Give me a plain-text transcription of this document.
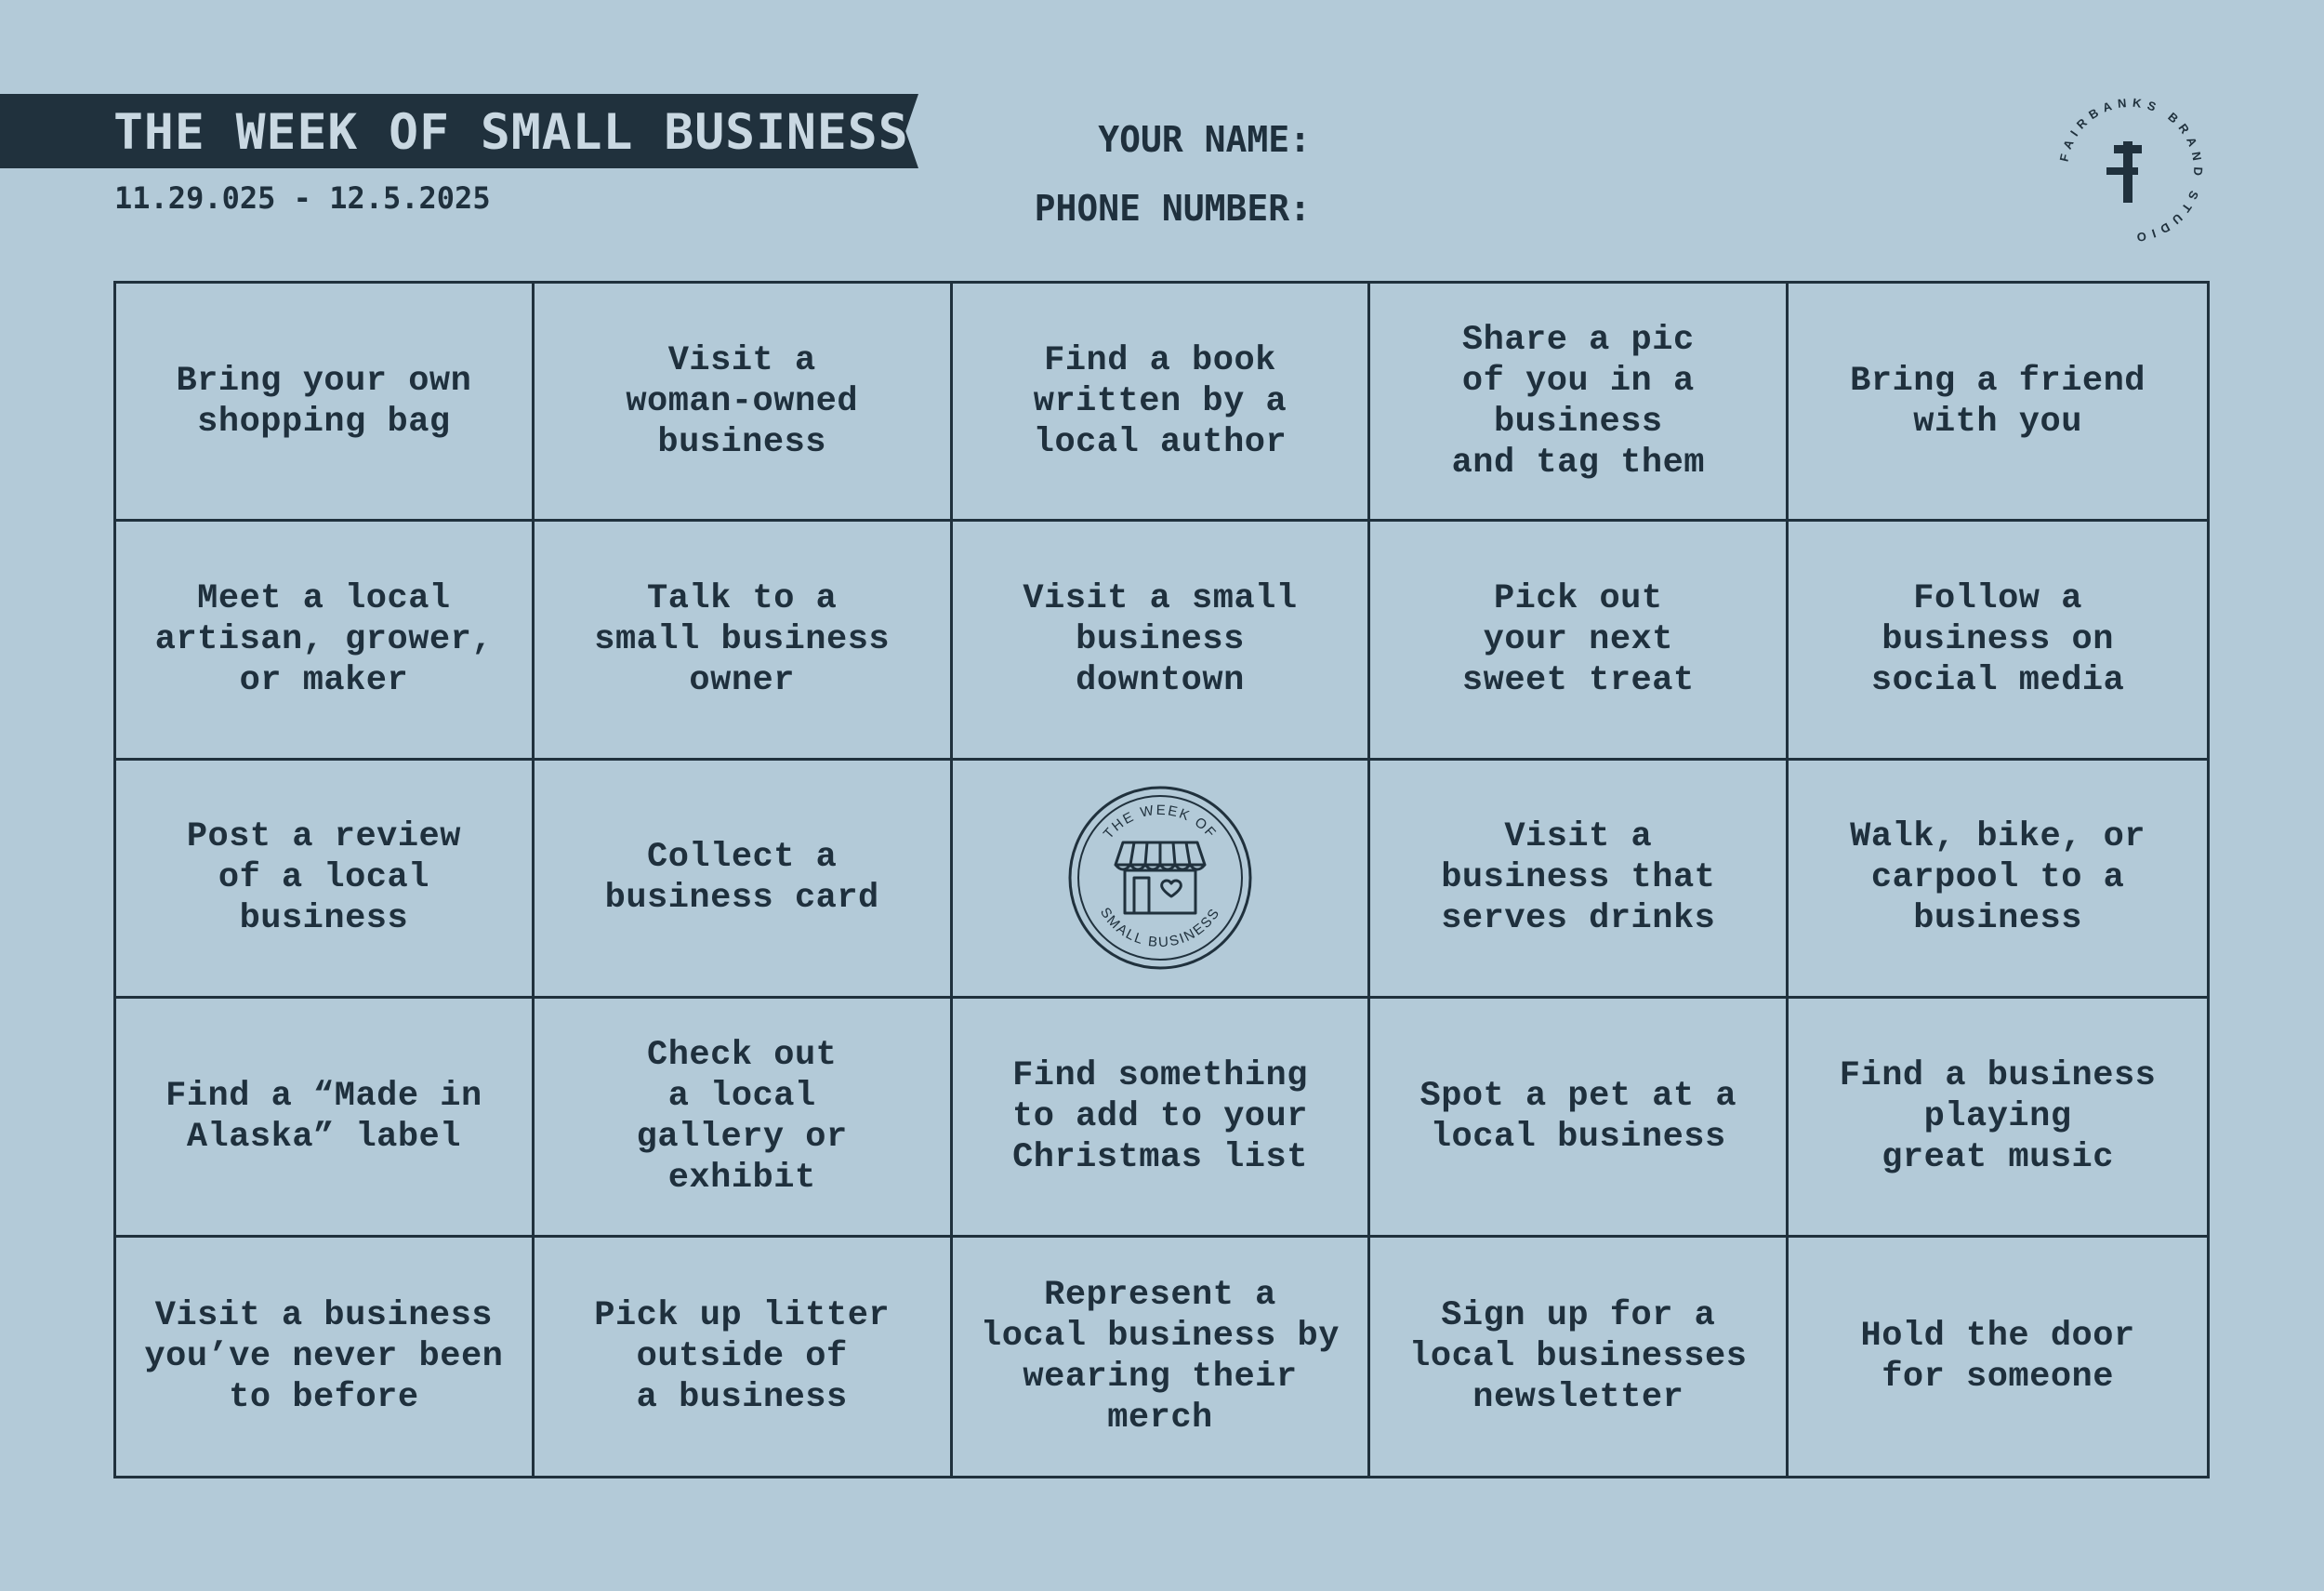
THE WEEK OF SMALL BUSINESS
11.29.025 - 12.5.2025
YOUR NAME:
PHONE NUMBER:
FAIRBANKS BRAND STUDIO
F
Bring your own
shopping bag
Visit a
woman-owned
business
Find a book
written by a
local author
Share a pic
of you in a
business
and tag them
Bring a friend
with you
Meet a local
artisan, grower,
or maker
Talk to a
small business
owner
Visit a small
business
downtown
Pick out
your next
sweet treat
Follow a
business on
social media
Post a review
of a local
business
Collect a
business card
THE WEEK OF
SMALL BUSINESS
Visit a
business that
serves drinks
Walk, bike, or
carpool to a
business
Find a “Made in
Alaska” label
Check out
a local
gallery or
exhibit
Find something
to add to your
Christmas list
Spot a pet at a
local business
Find a business
playing
great music
Visit a business
you’ve never been
to before
Pick up litter
outside of
a business
Represent a
local business by
wearing their
merch
Sign up for a
local businesses
newsletter
Hold the door
for someone
